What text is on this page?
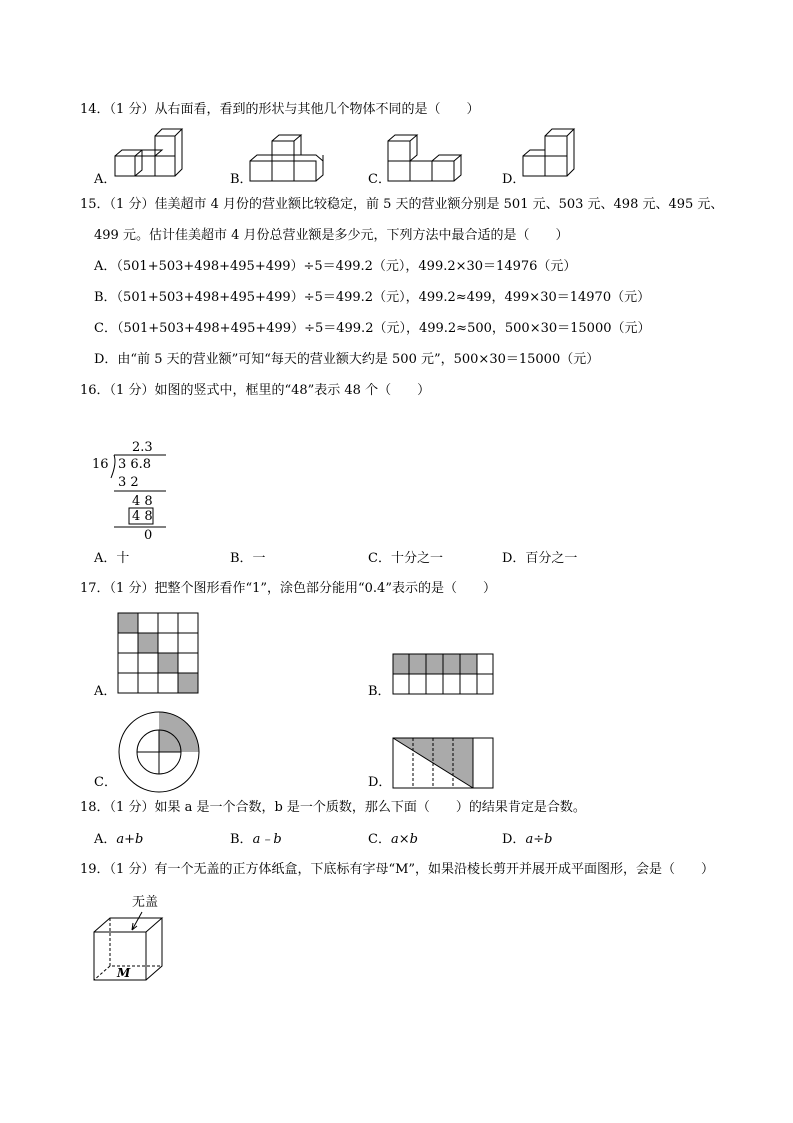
14．（1 分）从右面看，看到的形状与其他几个物体不同的是（　　）
A．	B．	C．	D．
15．（1 分）佳美超市 4 月份的营业额比较稳定，前 5 天的营业额分别是 501 元、503 元、498 元、495 元、
499 元。估计佳美超市 4 月份总营业额是多少元，下列方法中最合适的是（　　）
A．（501+503+498+495+499）÷5＝499.2（元），499.2×30＝14976（元）
B．（501+503+498+495+499）÷5＝499.2（元），499.2≈499，499×30＝14970（元）
C．（501+503+498+495+499）÷5＝499.2（元），499.2≈500，500×30＝15000（元）
D．由“前 5 天的营业额”可知“每天的营业额大约是 500 元”，500×30＝15000（元）
16．（1 分）如图的竖式中，框里的“48”表示 48 个（　　）
2.3
16 3 6.8
3 2
4 8
4 8
0
A．十	B．一	C．十分之一	D．百分之一
17．（1 分）把整个图形看作“1”，涂色部分能用“0.4”表示的是（　　）
A．	B．
C．	D．
18．（1 分）如果 a 是一个合数，b 是一个质数，那么下面（　　）的结果肯定是合数。
A．a+b	B．a﹣b	C．a×b	D．a÷b
19．（1 分）有一个无盖的正方体纸盒，下底标有字母“M”，如果沿棱长剪开并展开成平面图形，会是（　　）
无盖
M
